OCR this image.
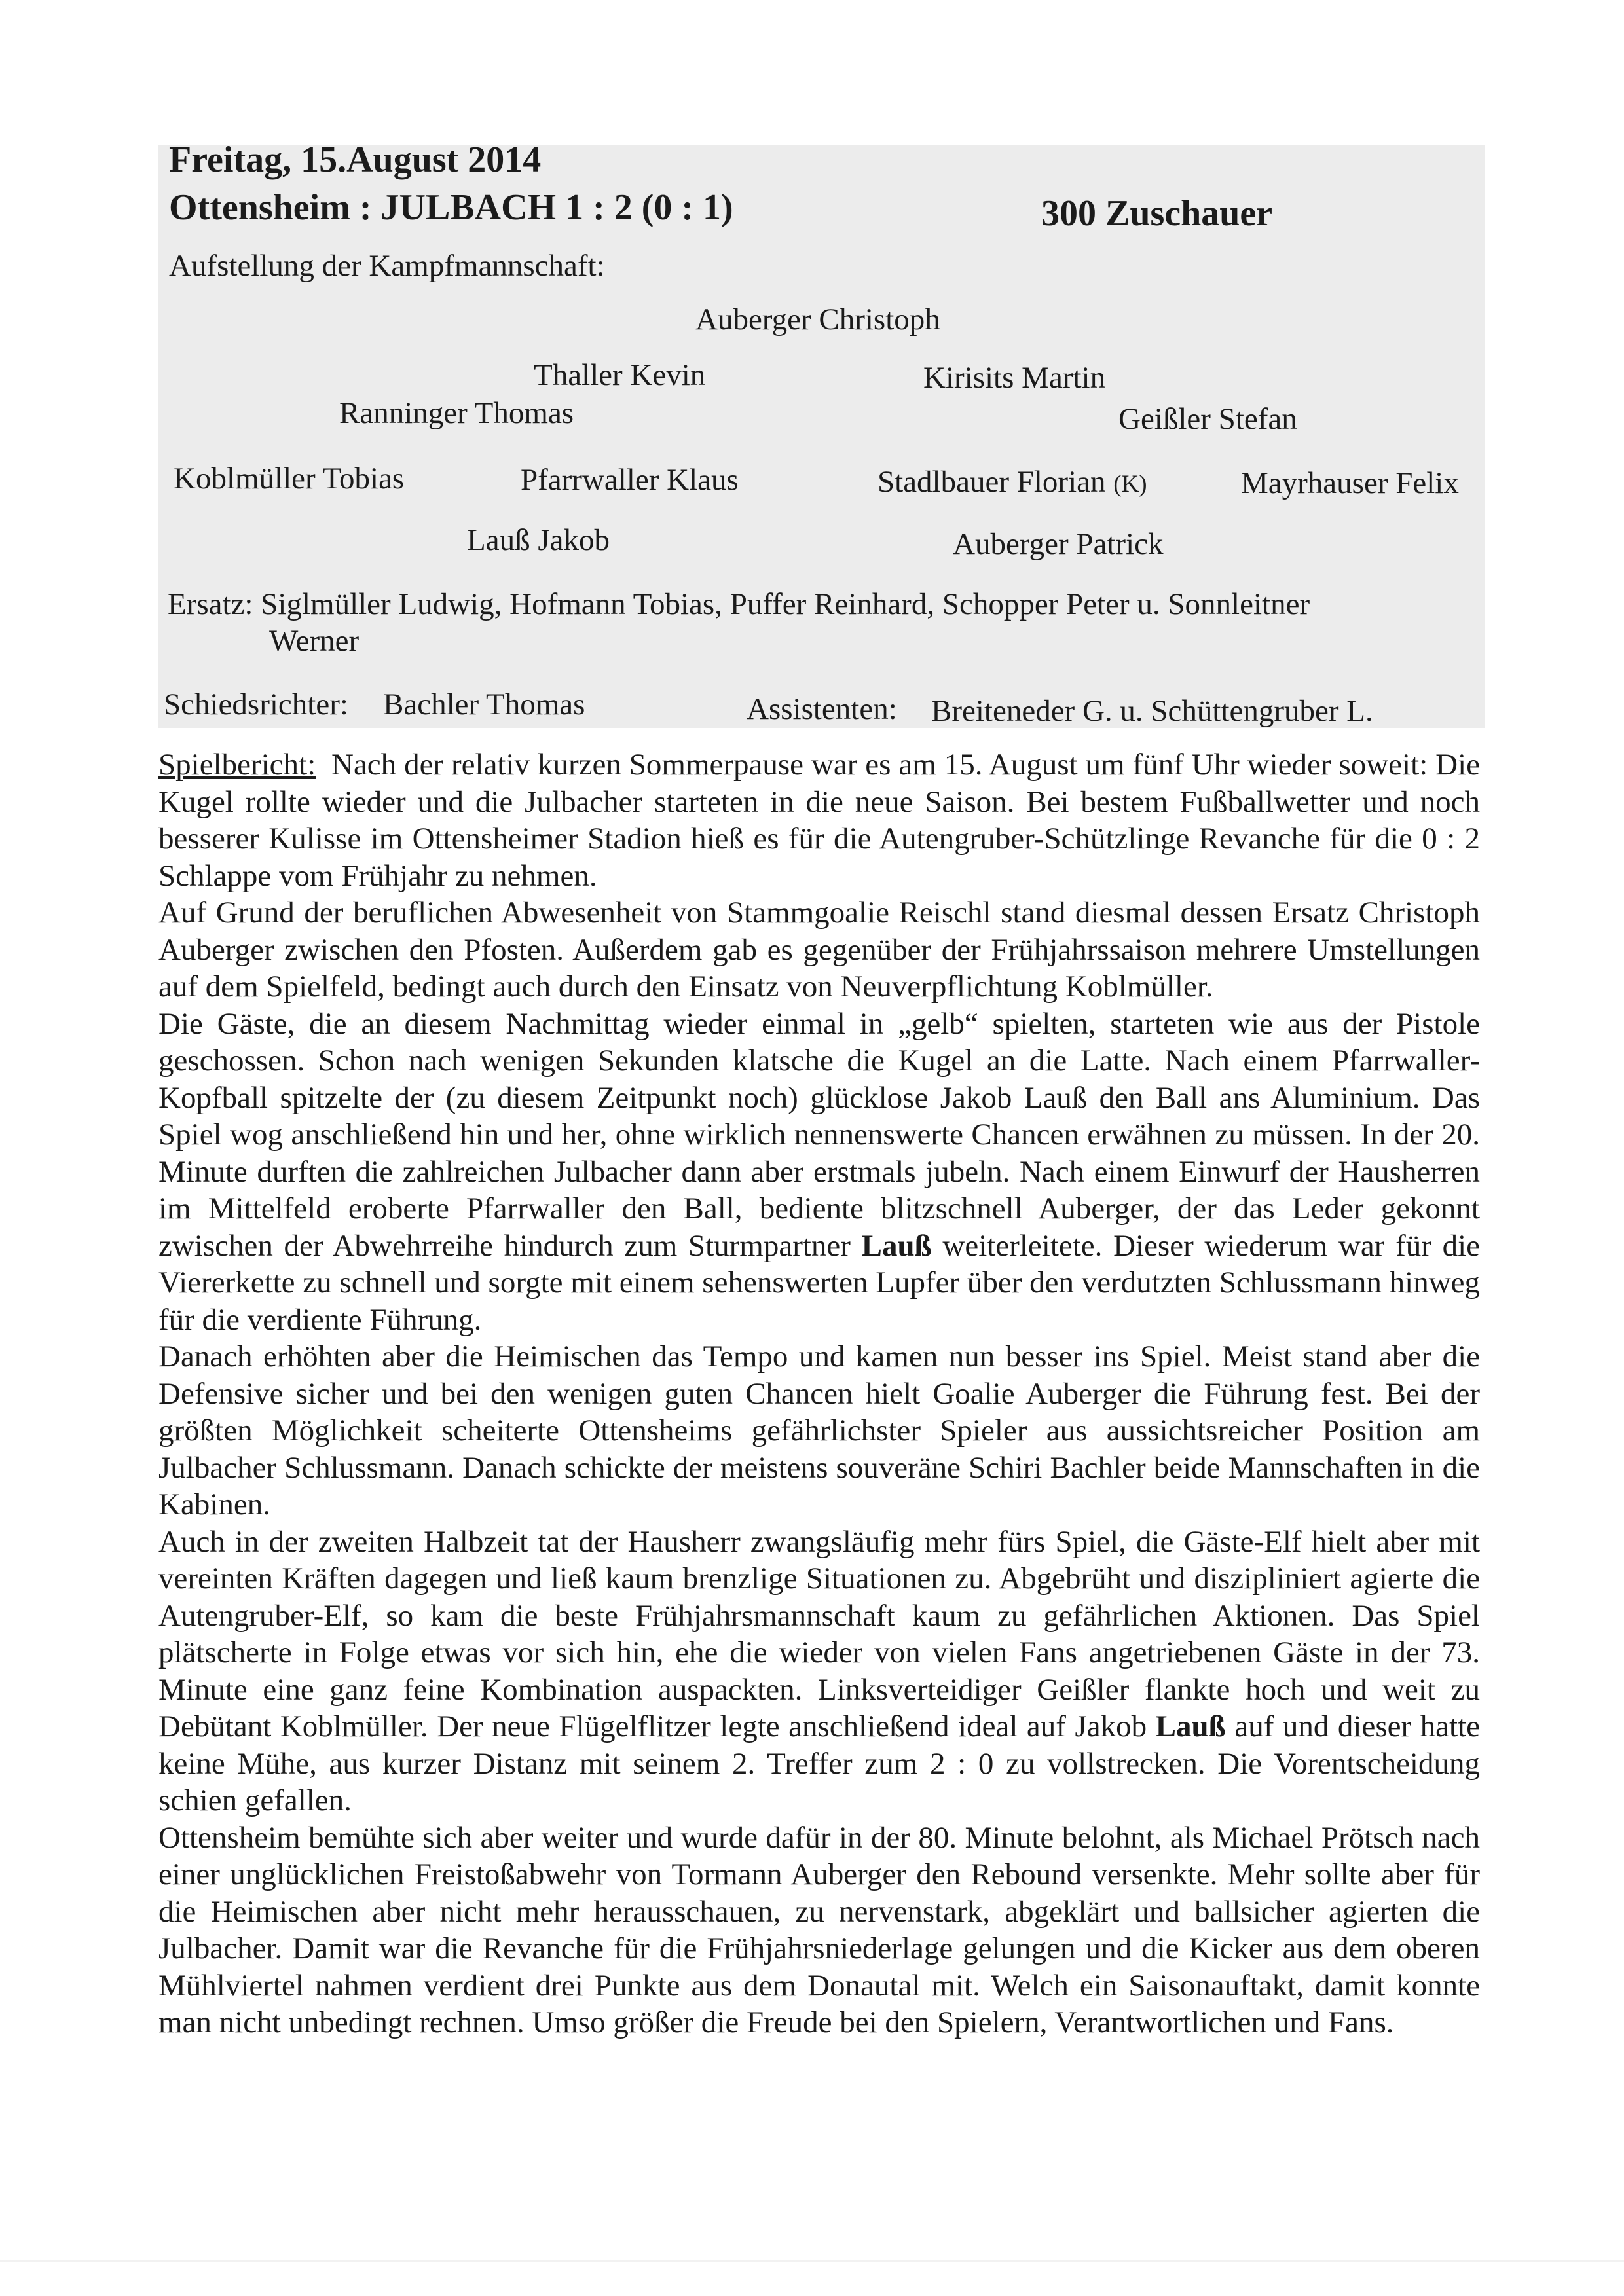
Freitag, 15.August 2014
Ottensheim : JULBACH 1 : 2 (0 : 1)	300 Zuschauer
Aufstellung der Kampfmannschaft:
Auberger Christoph
Thaller Kevin	Kirisits Martin
Ranninger Thomas	Geißler Stefan
Koblmüller Tobias	Pfarrwaller Klaus	Stadlbauer Florian (K)	Mayrhauser Felix
Lauß Jakob	Auberger Patrick
Ersatz: Siglmüller Ludwig, Hofmann Tobias, Puffer Reinhard, Schopper Peter u. Sonnleitner
Werner
Schiedsrichter: Bachler Thomas	Assistenten: Breiteneder G. u. Schüttengruber L.

Spielbericht: Nach der relativ kurzen Sommerpause war es am 15. August um fünf Uhr wieder soweit: Die Kugel rollte wieder und die Julbacher starteten in die neue Saison. Bei bestem Fußballwetter und noch besserer Kulisse im Ottensheimer Stadion hieß es für die Autengruber-Schützlinge Revanche für die 0 : 2 Schlappe vom Frühjahr zu nehmen.

Auf Grund der beruflichen Abwesenheit von Stammgoalie Reischl stand diesmal dessen Ersatz Christoph Auberger zwischen den Pfosten. Außerdem gab es gegenüber der Frühjahrssaison mehrere Umstellungen auf dem Spielfeld, bedingt auch durch den Einsatz von Neuverpflichtung Koblmüller.

Die Gäste, die an diesem Nachmittag wieder einmal in „gelb“ spielten, starteten wie aus der Pistole geschossen. Schon nach wenigen Sekunden klatsche die Kugel an die Latte. Nach einem Pfarrwaller-Kopfball spitzelte der (zu diesem Zeitpunkt noch) glücklose Jakob Lauß den Ball ans Aluminium. Das Spiel wog anschließend hin und her, ohne wirklich nennenswerte Chancen erwähnen zu müssen. In der 20. Minute durften die zahlreichen Julbacher dann aber erstmals jubeln. Nach einem Einwurf der Hausherren im Mittelfeld eroberte Pfarrwaller den Ball, bediente blitzschnell Auberger, der das Leder gekonnt zwischen der Abwehrreihe hindurch zum Sturmpartner Lauß weiterleitete. Dieser wiederum war für die Viererkette zu schnell und sorgte mit einem sehenswerten Lupfer über den verdutzten Schlussmann hinweg für die verdiente Führung.

Danach erhöhten aber die Heimischen das Tempo und kamen nun besser ins Spiel. Meist stand aber die Defensive sicher und bei den wenigen guten Chancen hielt Goalie Auberger die Führung fest. Bei der größten Möglichkeit scheiterte Ottensheims gefährlichster Spieler aus aussichtsreicher Position am Julbacher Schlussmann. Danach schickte der meistens souveräne Schiri Bachler beide Mannschaften in die Kabinen.

Auch in der zweiten Halbzeit tat der Hausherr zwangsläufig mehr fürs Spiel, die Gäste-Elf hielt aber mit vereinten Kräften dagegen und ließ kaum brenzlige Situationen zu. Abgebrüht und diszipliniert agierte die Autengruber-Elf, so kam die beste Frühjahrsmannschaft kaum zu gefährlichen Aktionen. Das Spiel plätscherte in Folge etwas vor sich hin, ehe die wieder von vielen Fans angetriebenen Gäste in der 73. Minute eine ganz feine Kombination auspackten. Linksverteidiger Geißler flankte hoch und weit zu Debütant Koblmüller. Der neue Flügelflitzer legte anschließend ideal auf Jakob Lauß auf und dieser hatte keine Mühe, aus kurzer Distanz mit seinem 2. Treffer zum 2 : 0 zu vollstrecken. Die Vorentscheidung schien gefallen.

Ottensheim bemühte sich aber weiter und wurde dafür in der 80. Minute belohnt, als Michael Prötsch nach einer unglücklichen Freistoßabwehr von Tormann Auberger den Rebound versenkte. Mehr sollte aber für die Heimischen aber nicht mehr herausschauen, zu nervenstark, abgeklärt und ballsicher agierten die Julbacher. Damit war die Revanche für die Frühjahrsniederlage gelungen und die Kicker aus dem oberen Mühlviertel nahmen verdient drei Punkte aus dem Donautal mit. Welch ein Saisonauftakt, damit konnte man nicht unbedingt rechnen. Umso größer die Freude bei den Spielern, Verantwortlichen und Fans.
